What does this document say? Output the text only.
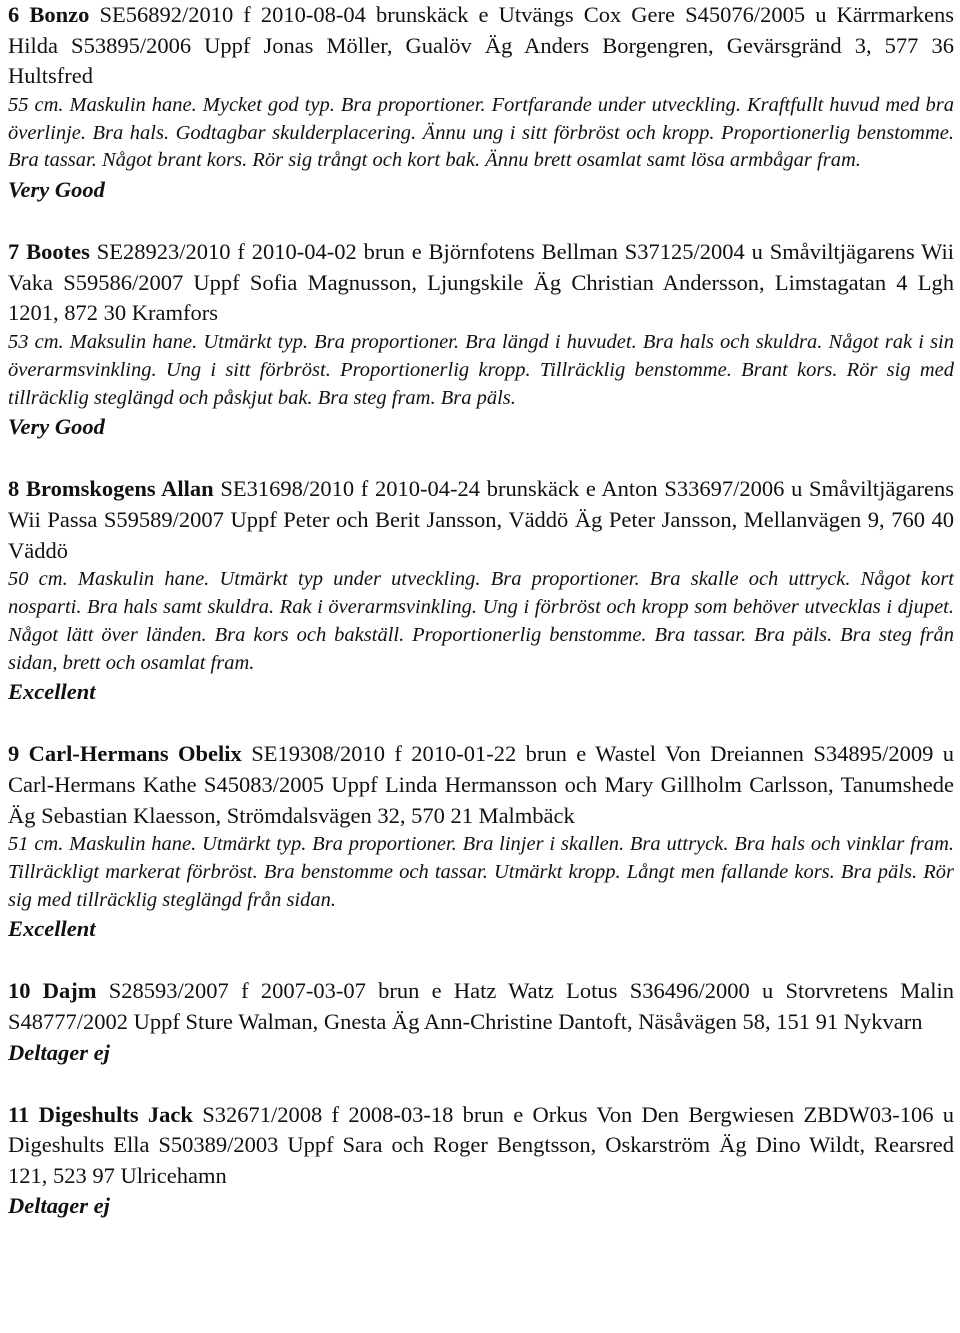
6 Bonzo SE56892/2010 f 2010-08-04 brunskäck e Utvängs Cox Gere S45076/2005 u Kärrmarkens Hilda S53895/2006 Uppf Jonas Möller, Gualöv Äg Anders Borgengren, Gevärsgränd 3, 577 36 Hultsfred

55 cm. Maskulin hane. Mycket god typ. Bra proportioner. Fortfarande under utveckling. Kraftfullt huvud med bra överlinje. Bra hals. Godtagbar skulderplacering. Ännu ung i sitt förbröst och kropp. Proportionerlig benstomme. Bra tassar. Något brant kors. Rör sig trångt och kort bak. Ännu brett osamlat samt lösa armbågar fram.

Very Good

7 Bootes SE28923/2010 f 2010-04-02 brun e Björnfotens Bellman S37125/2004 u Småviltjägarens Wii Vaka S59586/2007 Uppf Sofia Magnusson, Ljungskile Äg Christian Andersson, Limstagatan 4 Lgh 1201, 872 30 Kramfors

53 cm. Maksulin hane. Utmärkt typ. Bra proportioner. Bra längd i huvudet. Bra hals och skuldra. Något rak i sin överarmsvinkling. Ung i sitt förbröst. Proportionerlig kropp. Tillräcklig benstomme. Brant kors. Rör sig med tillräcklig steglängd och påskjut bak. Bra steg fram. Bra päls.

Very Good

8 Bromskogens Allan SE31698/2010 f 2010-04-24 brunskäck e Anton S33697/2006 u Småviltjägarens Wii Passa S59589/2007 Uppf Peter och Berit Jansson, Väddö Äg Peter Jansson, Mellanvägen 9, 760 40 Väddö

50 cm. Maskulin hane. Utmärkt typ under utveckling. Bra proportioner. Bra skalle och uttryck. Något kort nosparti. Bra hals samt skuldra. Rak i överarmsvinkling. Ung i förbröst och kropp som behöver utvecklas i djupet. Något lätt över länden. Bra kors och bakställ. Proportionerlig benstomme. Bra tassar. Bra päls. Bra steg från sidan, brett och osamlat fram.

Excellent

9 Carl-Hermans Obelix SE19308/2010 f 2010-01-22 brun e Wastel Von Dreiannen S34895/2009 u Carl-Hermans Kathe S45083/2005 Uppf Linda Hermansson och Mary Gillholm Carlsson, Tanumshede Äg Sebastian Klaesson, Strömdalsvägen 32, 570 21 Malmbäck

51 cm. Maskulin hane. Utmärkt typ. Bra proportioner. Bra linjer i skallen. Bra uttryck. Bra hals och vinklar fram. Tillräckligt markerat förbröst. Bra benstomme och tassar. Utmärkt kropp. Långt men fallande kors. Bra päls. Rör sig med tillräcklig steglängd från sidan.

Excellent

10 Dajm S28593/2007 f 2007-03-07 brun e Hatz Watz Lotus S36496/2000 u Storvretens Malin S48777/2002 Uppf Sture Walman, Gnesta Äg Ann-Christine Dantoft, Näsåvägen 58, 151 91 Nykvarn

Deltager ej

11 Digeshults Jack S32671/2008 f 2008-03-18 brun e Orkus Von Den Bergwiesen ZBDW03-106 u Digeshults Ella S50389/2003 Uppf Sara och Roger Bengtsson, Oskarström Äg Dino Wildt, Rearsred 121, 523 97 Ulricehamn

Deltager ej
